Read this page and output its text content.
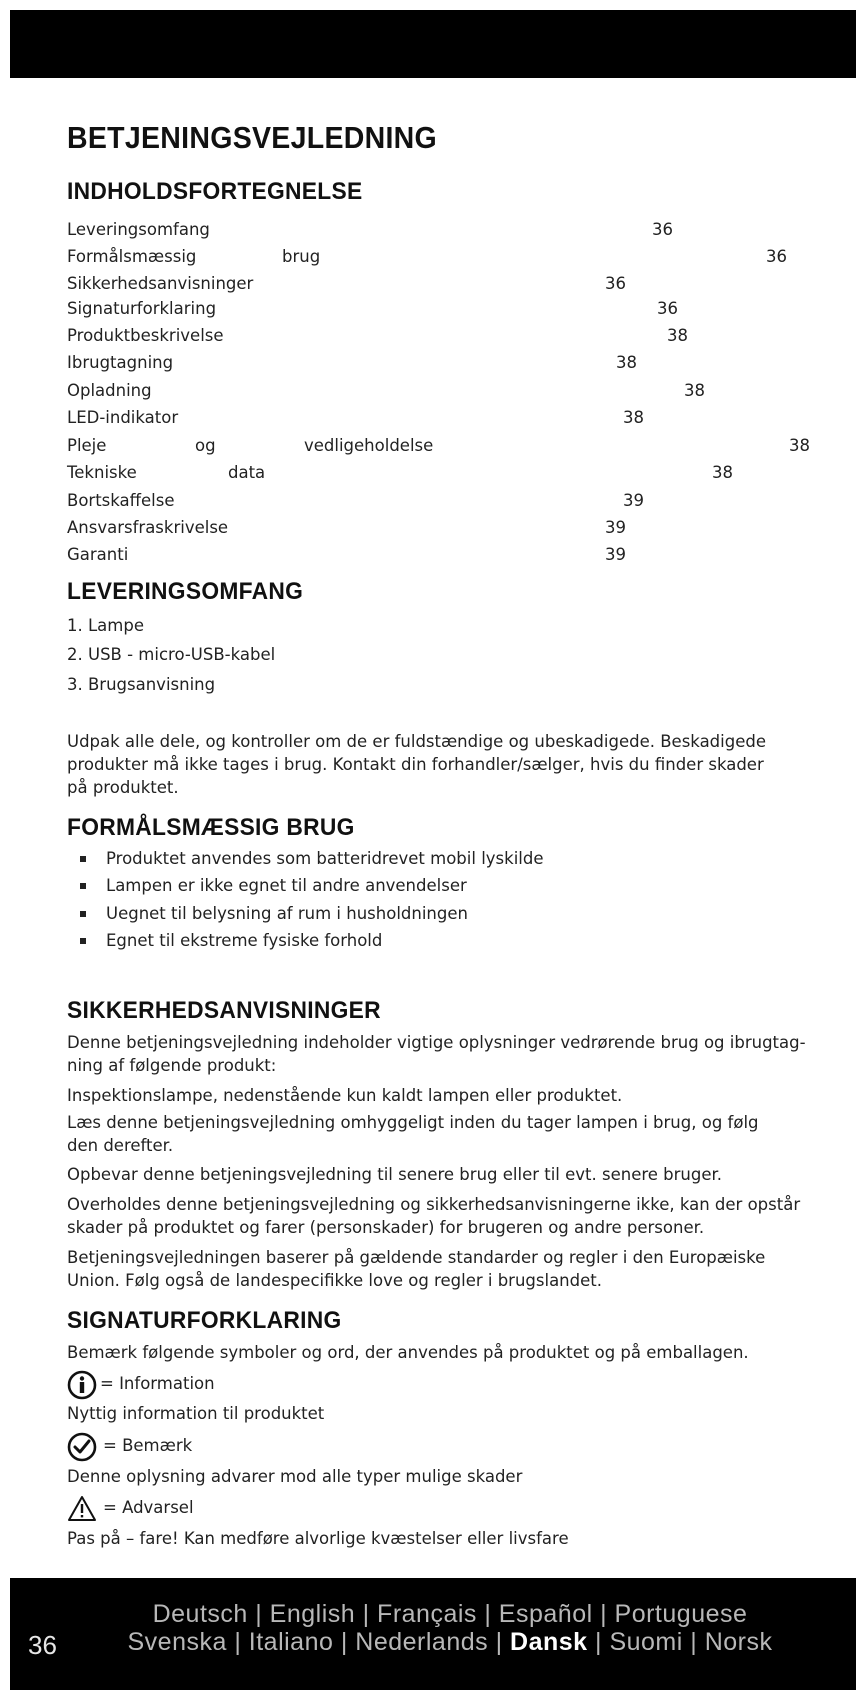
BETJENINGSVEJLEDNING
INDHOLDSFORTEGNELSE
Leveringsomfang	36
Formålsmæssig	brug	36
Sikkerhedsanvisninger	36
Signaturforklaring	36
Produktbeskrivelse	38
Ibrugtagning	38
Opladning	38
LED-indikator	38
Pleje	og	vedligeholdelse	38
Tekniske	data	38
Bortskaffelse	39
Ansvarsfraskrivelse	39
Garanti	39
LEVERINGSOMFANG
1. Lampe
2. USB - micro-USB-kabel
3. Brugsanvisning
Udpak alle dele, og kontroller om de er fuldstændige og ubeskadigede. Beskadigede produkter må ikke tages i brug. Kontakt din forhandler/sælger, hvis du finder skader på produktet.
FORMÅLSMÆSSIG BRUG
Produktet anvendes som batteridrevet mobil lyskilde
Lampen er ikke egnet til andre anvendelser
Uegnet til belysning af rum i husholdningen
Egnet til ekstreme fysiske forhold
SIKKERHEDSANVISNINGER
Denne betjeningsvejledning indeholder vigtige oplysninger vedrørende brug og ibrugtag-ning af følgende produkt:
Inspektionslampe, nedenstående kun kaldt lampen eller produktet.
Læs denne betjeningsvejledning omhyggeligt inden du tager lampen i brug, og følg den derefter.
Opbevar denne betjeningsvejledning til senere brug eller til evt. senere bruger.
Overholdes denne betjeningsvejledning og sikkerhedsanvisningerne ikke, kan der opstår skader på produktet og farer (personskader) for brugeren og andre personer.
Betjeningsvejledningen baserer på gældende standarder og regler i den Europæiske Union. Følg også de landespecifikke love og regler i brugslandet.
SIGNATURFORKLARING
Bemærk følgende symboler og ord, der anvendes på produktet og på emballagen.
= Information
Nyttig information til produktet
= Bemærk
Denne oplysning advarer mod alle typer mulige skader
= Advarsel
Pas på – fare! Kan medføre alvorlige kvæstelser eller livsfare
36
Deutsch | English | Français | Español | Portuguese
Svenska | Italiano | Nederlands | Dansk | Suomi | Norsk
